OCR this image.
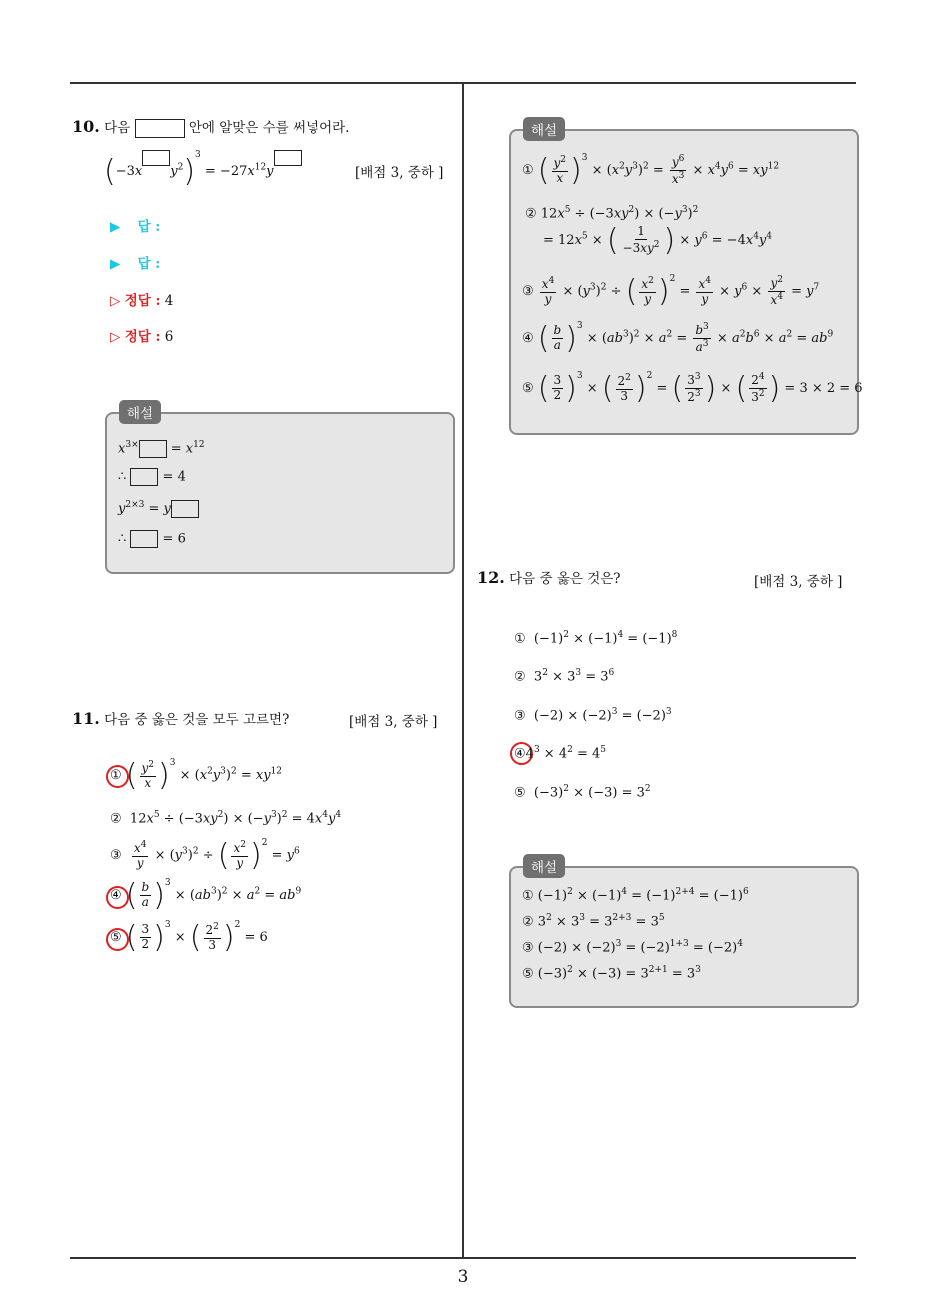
10. 다음	안에 알맞은 수를 써넣어라.
(−3x $y^2)^3 = -27x^{12}y$	[배점 3, 중하 ]
▶ 답 :
▶ 답 :
▷ 정답 : 4
▷ 정답 : 6
해설
$x^{3\times} = x^{12}$
∴  = 4
$y^{2\times 3} = y$
∴  = 6
11. 다음 중 옳은 것을 모두 고르면?	[배점 3, 중하 ]
① ( $\frac{y^2}{x} )^3 \times (x^2y^3)^2 = xy^{12}$
②  $12x^5 \div (-3xy^2) \times (-y^3)^2 = 4x^4y^4$
③ $\frac{x^4}{y} \times (y^3)^2$ ÷ ( $\frac{x^2}{y} )^2 = y^6$
④ ( $\frac{b}{a} )^3 \times (ab^3)^2 \times a^2 = ab^9$
⑤ ( $\frac{3}{2} )^3$ × ( $\frac{2^2}{3} )^2 = 6$
해설
① ( $\frac{y^2}{x} )^3 \times (x^2y^3)^2 = \frac{y^6}{x^3} \times x^4y^6 = xy^{12}$
② $12x^5 \div (-3xy^2) \times (-y^3)^2$
= $12x^5$ × ( $\frac{1}{-3xy^2}$ ) × $y^6 = -4x^4y^4$
③ $\frac{x^4}{y} \times (y^3)^2$ ÷ ( $\frac{x^2}{y} )^2 = \frac{x^4}{y} \times y^6 \times \frac{y^2}{x^4} = y^7$
④ ( $\frac{b}{a} )^3 \times (ab^3)^2 \times a^2 = \frac{b^3}{a^3} \times a^2b^6 \times a^2 = ab^9$
⑤ ( $\frac{3}{2} )^3$ × ( $\frac{2^2}{3} )^2$ = ( $\frac{3^3}{2^3}$ ) × ( $\frac{2^4}{3^2}$ ) = 3 × 2 = 6
12. 다음 중 옳은 것은?	[배점 3, 중하 ]
①  $(-1)^2 \times (-1)^4 = (-1)^8$
②  $3^2 \times 3^3 = 3^6$
③  $(-2) \times (-2)^3 = (-2)^3$
$④4^3 \times 4^2 = 4^5$
⑤  $(-3)^2 \times (-3) = 3^2$
해설
① $(-1)^2 \times (-1)^4 = (-1)^{2+4} = (-1)^6$
② $3^2 \times 3^3 = 3^{2+3} = 3^5$
③ $(-2) \times (-2)^3 = (-2)^{1+3} = (-2)^4$
⑤ $(-3)^2 \times (-3) = 3^{2+1} = 3^3$
3
